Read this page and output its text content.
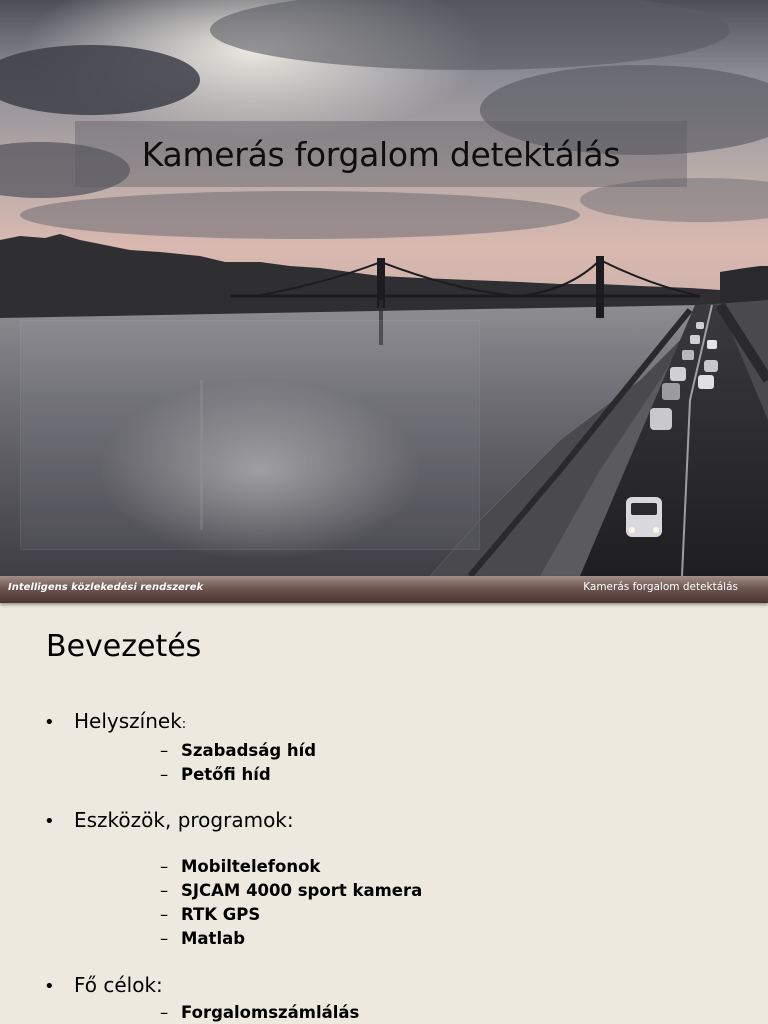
Kamerás forgalom detektálás
Intelligens közlekedési rendszerek	Kamerás forgalom detektálás
Bevezetés
• Helyszínek:
– Szabadság híd
– Petőfi híd
• Eszközök, programok:
– Mobiltelefonok
– SJCAM 4000 sport kamera
– RTK GPS
– Matlab
• Fő célok:
– Forgalomszámlálás
